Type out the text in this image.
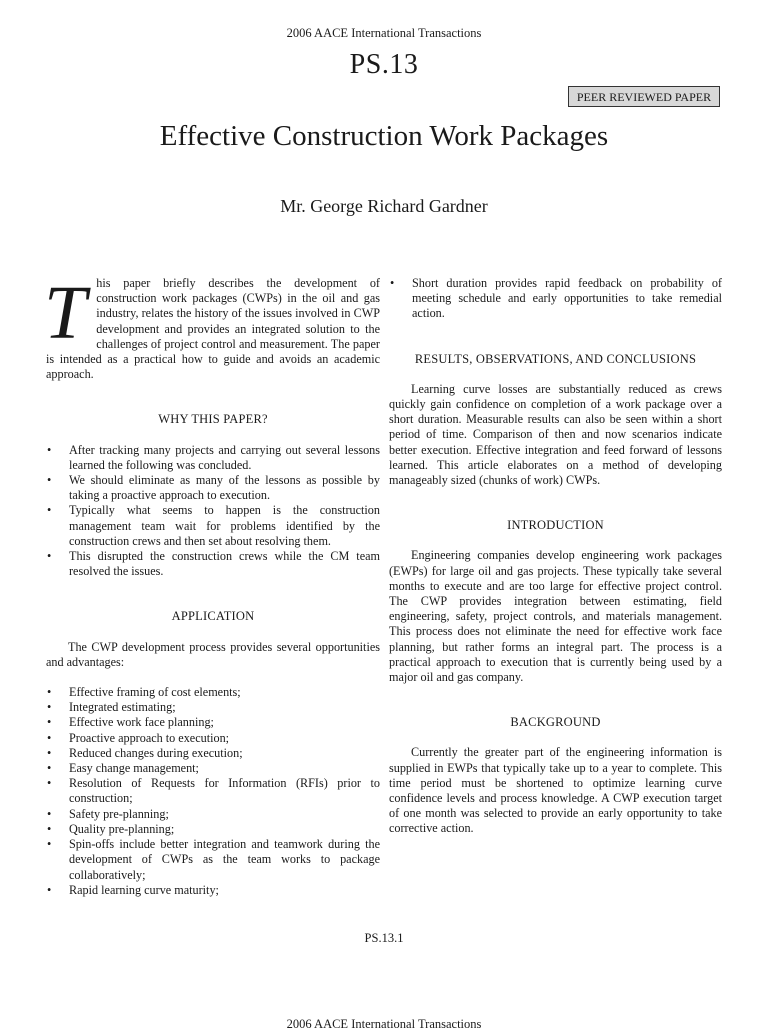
2006 AACE International Transactions
PS.13
PEER REVIEWED PAPER
Effective Construction Work Packages
Mr. George Richard Gardner

This paper briefly describes the development of construction work packages (CWPs) in the oil and gas industry, relates the history of the issues involved in CWP development and provides an integrated solution to the challenges of project control and measurement. The paper is intended as a practical how to guide and avoids an academic approach.

WHY THIS PAPER?
• After tracking many projects and carrying out several lessons learned the following was concluded.
• We should eliminate as many of the lessons as possible by taking a proactive approach to execution.
• Typically what seems to happen is the construction management team wait for problems identified by the construction crews and then set about resolving them.
• This disrupted the construction crews while the CM team resolved the issues.
APPLICATION

The CWP development process provides several opportunities and advantages:

• Effective framing of cost elements;
• Integrated estimating;
• Effective work face planning;
• Proactive approach to execution;
• Reduced changes during execution;
• Easy change management;
• Resolution of Requests for Information (RFIs) prior to construction;
• Safety pre-planning;
• Quality pre-planning;
• Spin-offs include better integration and teamwork during the development of CWPs as the team works to package collaboratively;
• Rapid learning curve maturity;
• Short duration provides rapid feedback on probability of meeting schedule and early opportunities to take remedial action.
RESULTS, OBSERVATIONS, AND CONCLUSIONS

Learning curve losses are substantially reduced as crews quickly gain confidence on completion of a work package over a short duration. Measurable results can also be seen within a short period of time. Comparison of then and now scenarios indicate better execution. Effective integration and feed forward of lessons learned. This article elaborates on a method of developing manageably sized (chunks of work) CWPs.

INTRODUCTION

Engineering companies develop engineering work packages (EWPs) for large oil and gas projects. These typically take several months to execute and are too large for effective project control. The CWP provides integration between estimating, field engineering, safety, project controls, and materials management. This process does not eliminate the need for effective work face planning, but rather forms an integral part. The process is a practical approach to execution that is currently being used by a major oil and gas company.

BACKGROUND

Currently the greater part of the engineering information is supplied in EWPs that typically take up to a year to complete. This time period must be shortened to optimize learning curve confidence levels and process knowledge. A CWP execution target of one month was selected to provide an early opportunity to take corrective action.

PS.13.1
2006 AACE International Transactions
